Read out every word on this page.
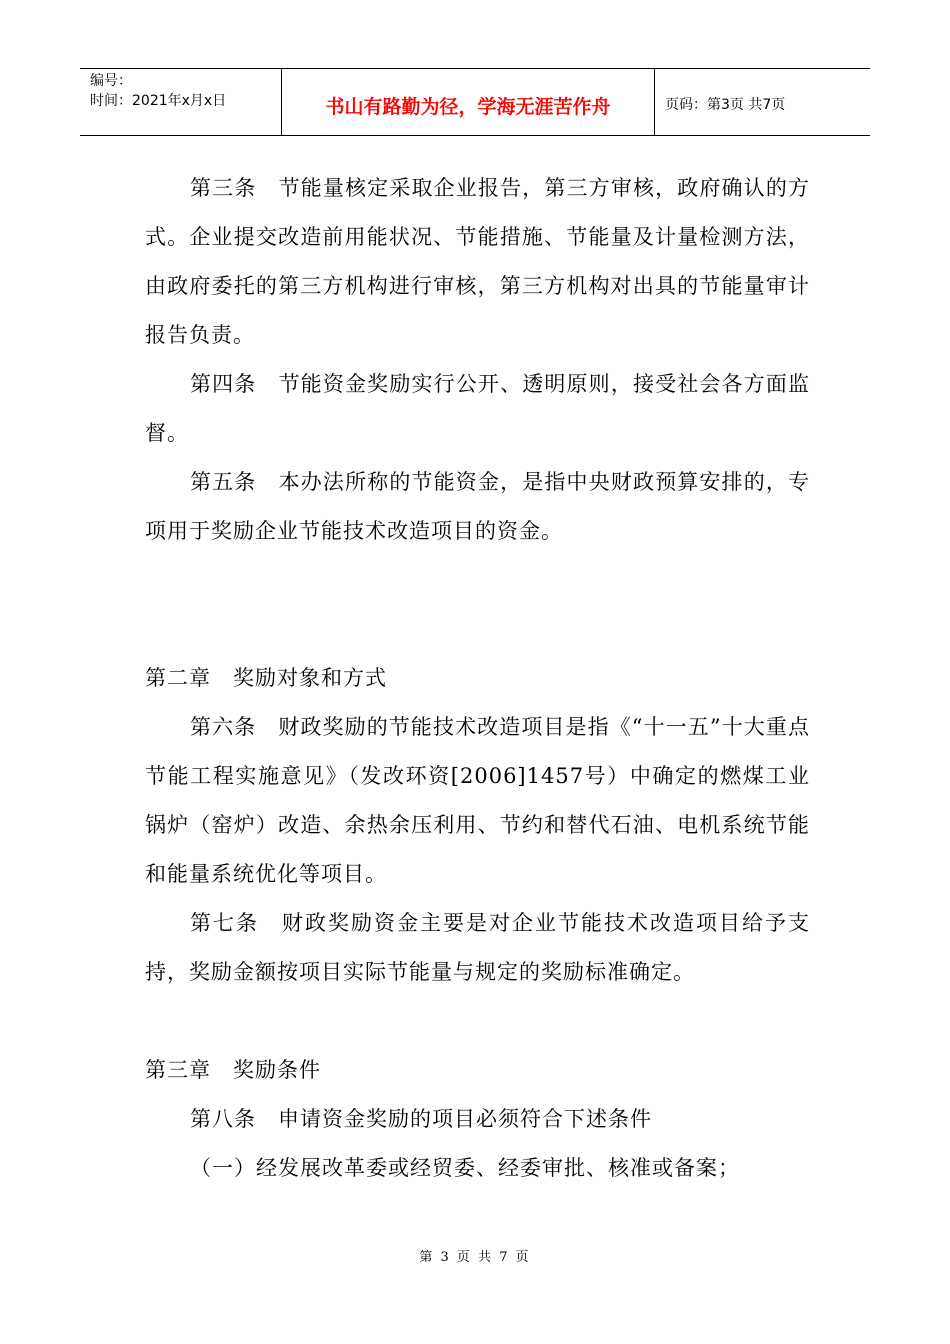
编号：
时间：2021年x月x日	书山有路勤为径，学海无涯苦作舟	页码：第3页 共7页

第三条　节能量核定采取企业报告，第三方审核，政府确认的方式。企业提交改造前用能状况、节能措施、节能量及计量检测方法，由政府委托的第三方机构进行审核，第三方机构对出具的节能量审计报告负责。

第四条　节能资金奖励实行公开、透明原则，接受社会各方面监督。

第五条　本办法所称的节能资金，是指中央财政预算安排的，专项用于奖励企业节能技术改造项目的资金。

第二章　奖励对象和方式

第六条　财政奖励的节能技术改造项目是指《“十一五”十大重点节能工程实施意见》（发改环资[2006]1457号）中确定的燃煤工业锅炉（窑炉）改造、余热余压利用、节约和替代石油、电机系统节能和能量系统优化等项目。

第七条　财政奖励资金主要是对企业节能技术改造项目给予支持，奖励金额按项目实际节能量与规定的奖励标准确定。

第三章　奖励条件

第八条　申请资金奖励的项目必须符合下述条件

（一）经发展改革委或经贸委、经委审批、核准或备案；

第 3 页 共 7 页
